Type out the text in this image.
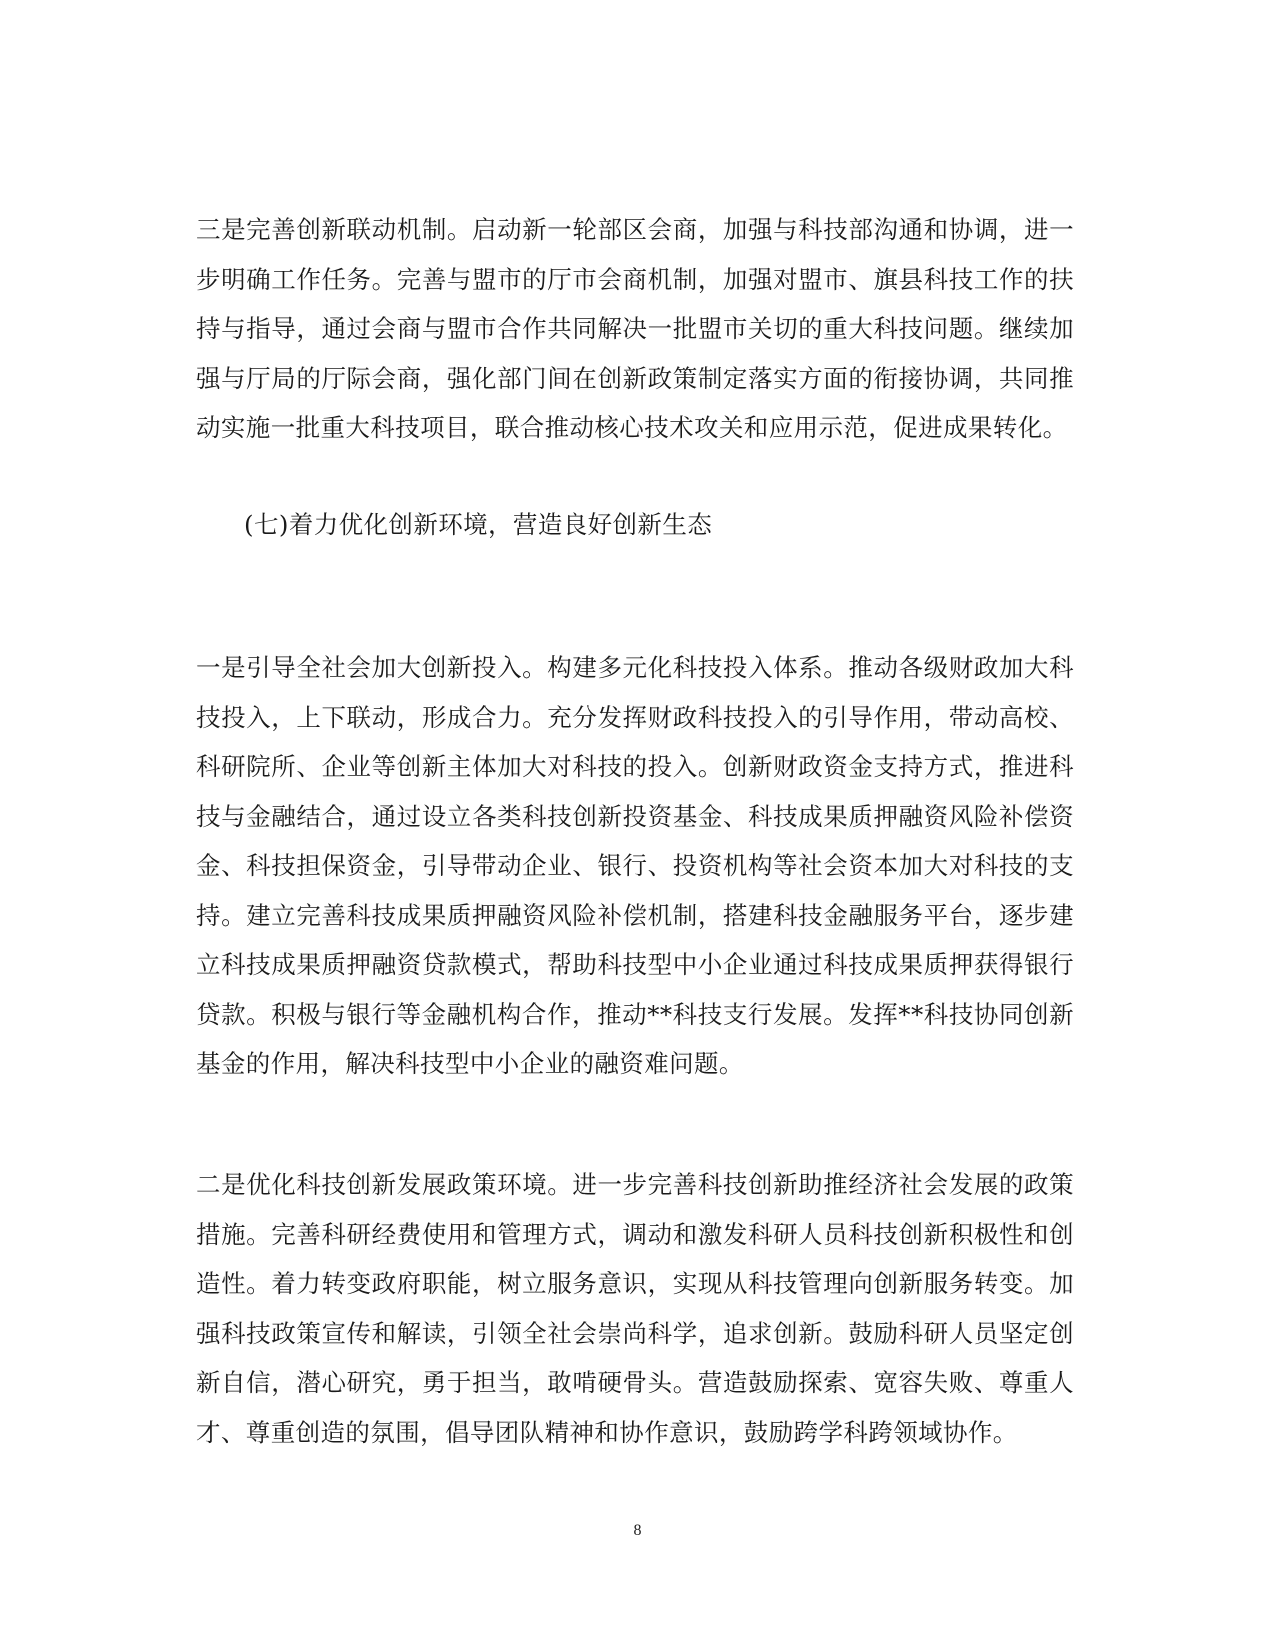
三是完善创新联动机制。启动新一轮部区会商，加强与科技部沟通和协调，进一步明确工作任务。完善与盟市的厅市会商机制，加强对盟市、旗县科技工作的扶持与指导，通过会商与盟市合作共同解决一批盟市关切的重大科技问题。继续加强与厅局的厅际会商，强化部门间在创新政策制定落实方面的衔接协调，共同推动实施一批重大科技项目，联合推动核心技术攻关和应用示范，促进成果转化。

(七)着力优化创新环境，营造良好创新生态

一是引导全社会加大创新投入。构建多元化科技投入体系。推动各级财政加大科技投入，上下联动，形成合力。充分发挥财政科技投入的引导作用，带动高校、科研院所、企业等创新主体加大对科技的投入。创新财政资金支持方式，推进科技与金融结合，通过设立各类科技创新投资基金、科技成果质押融资风险补偿资金、科技担保资金，引导带动企业、银行、投资机构等社会资本加大对科技的支持。建立完善科技成果质押融资风险补偿机制，搭建科技金融服务平台，逐步建立科技成果质押融资贷款模式，帮助科技型中小企业通过科技成果质押获得银行贷款。积极与银行等金融机构合作，推动**科技支行发展。发挥**科技协同创新基金的作用，解决科技型中小企业的融资难问题。

二是优化科技创新发展政策环境。进一步完善科技创新助推经济社会发展的政策措施。完善科研经费使用和管理方式，调动和激发科研人员科技创新积极性和创造性。着力转变政府职能，树立服务意识，实现从科技管理向创新服务转变。加强科技政策宣传和解读，引领全社会崇尚科学，追求创新。鼓励科研人员坚定创新自信，潜心研究，勇于担当，敢啃硬骨头。营造鼓励探索、宽容失败、尊重人才、尊重创造的氛围，倡导团队精神和协作意识，鼓励跨学科跨领域协作。

8
